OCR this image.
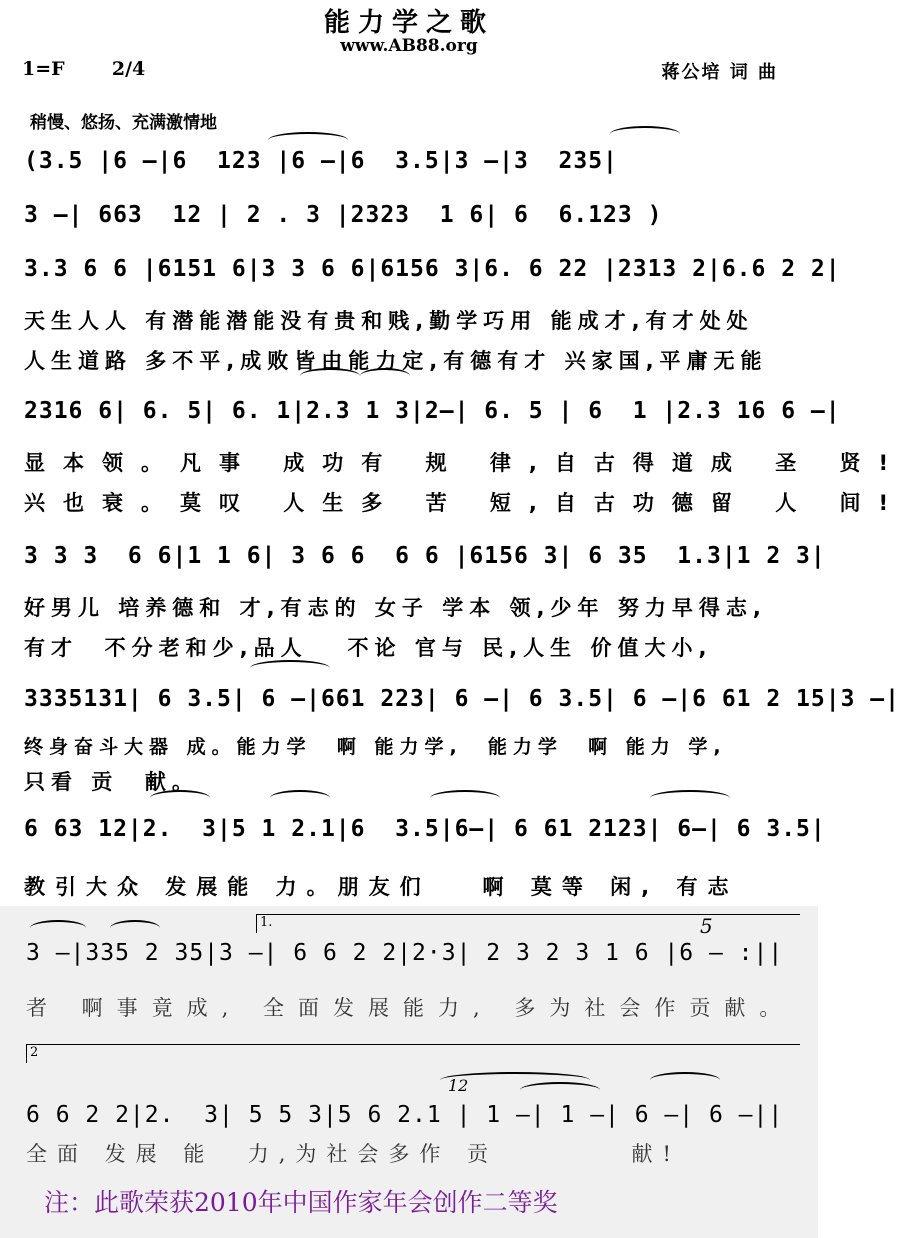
能力学之歌
www.AB88.org
1=F 2/4	蒋公培 词 曲
稍慢、悠扬、充满激情地
(3.5 |6 —|6  123 |6 —|6  3.5|3 —|3  235|
3 —| 663  12 | 2 . 3 |2323  1 6| 6  6.123 )
3.3 6 6 |6151 6|3 3 6 6|6156 3|6. 6 22 |2313 2|6.6 2 2|
天生人人 有潜能潜能没有贵和贱,勤学巧用 能成才,有才处处
人生道路 多不平,成败皆由能力定,有德有才 兴家国,平庸无能
2316 6| 6. 5| 6. 1|2.3 1 3|2—| 6. 5 | 6  1 |2.3 16 6 —|
显本领。凡事 成功有 规 律,自古得道成 圣 贤!
兴也衰。莫叹 人生多 苦 短,自古功德留 人 间!
3 3 3  6 6|1 1 6| 3 6 6  6 6 |6156 3| 6 35  1.3|1 2 3|
好男儿 培养德和 才,有志的 女子 学本 领,少年 努力早得志,
有才  不分老和少,品人   不论 官与 民,人生 价值大小,
3335131| 6 3.5| 6 —|661 223| 6 —| 6 3.5| 6 —|6 61 2 15|3 —|
终身奋斗大器 成。能力学  啊 能力学,  能力学  啊 能力 学,
只看 贡  献。
6 63 12|2.  3|5 1 2.1|6  3.5|6—| 6 61 2123| 6—| 6 3.5|
教引大众 发展能 力。朋友们   啊 莫等 闲, 有志
1.	5
3 —|335 2 35|3 —| 6 6 2 2|2·3| 2 3 2 3 1 6 |6 — :||
者 啊事竟成, 全面发展能力, 多为社会作贡献。
2
12
6 6 2 2|2.  3| 5 5 3|5 6 2.1 | 1 —| 1 —| 6 —| 6 —||
全面 发展 能  力,为社会多作 贡        献!
注：此歌荣获2010年中国作家年会创作二等奖
